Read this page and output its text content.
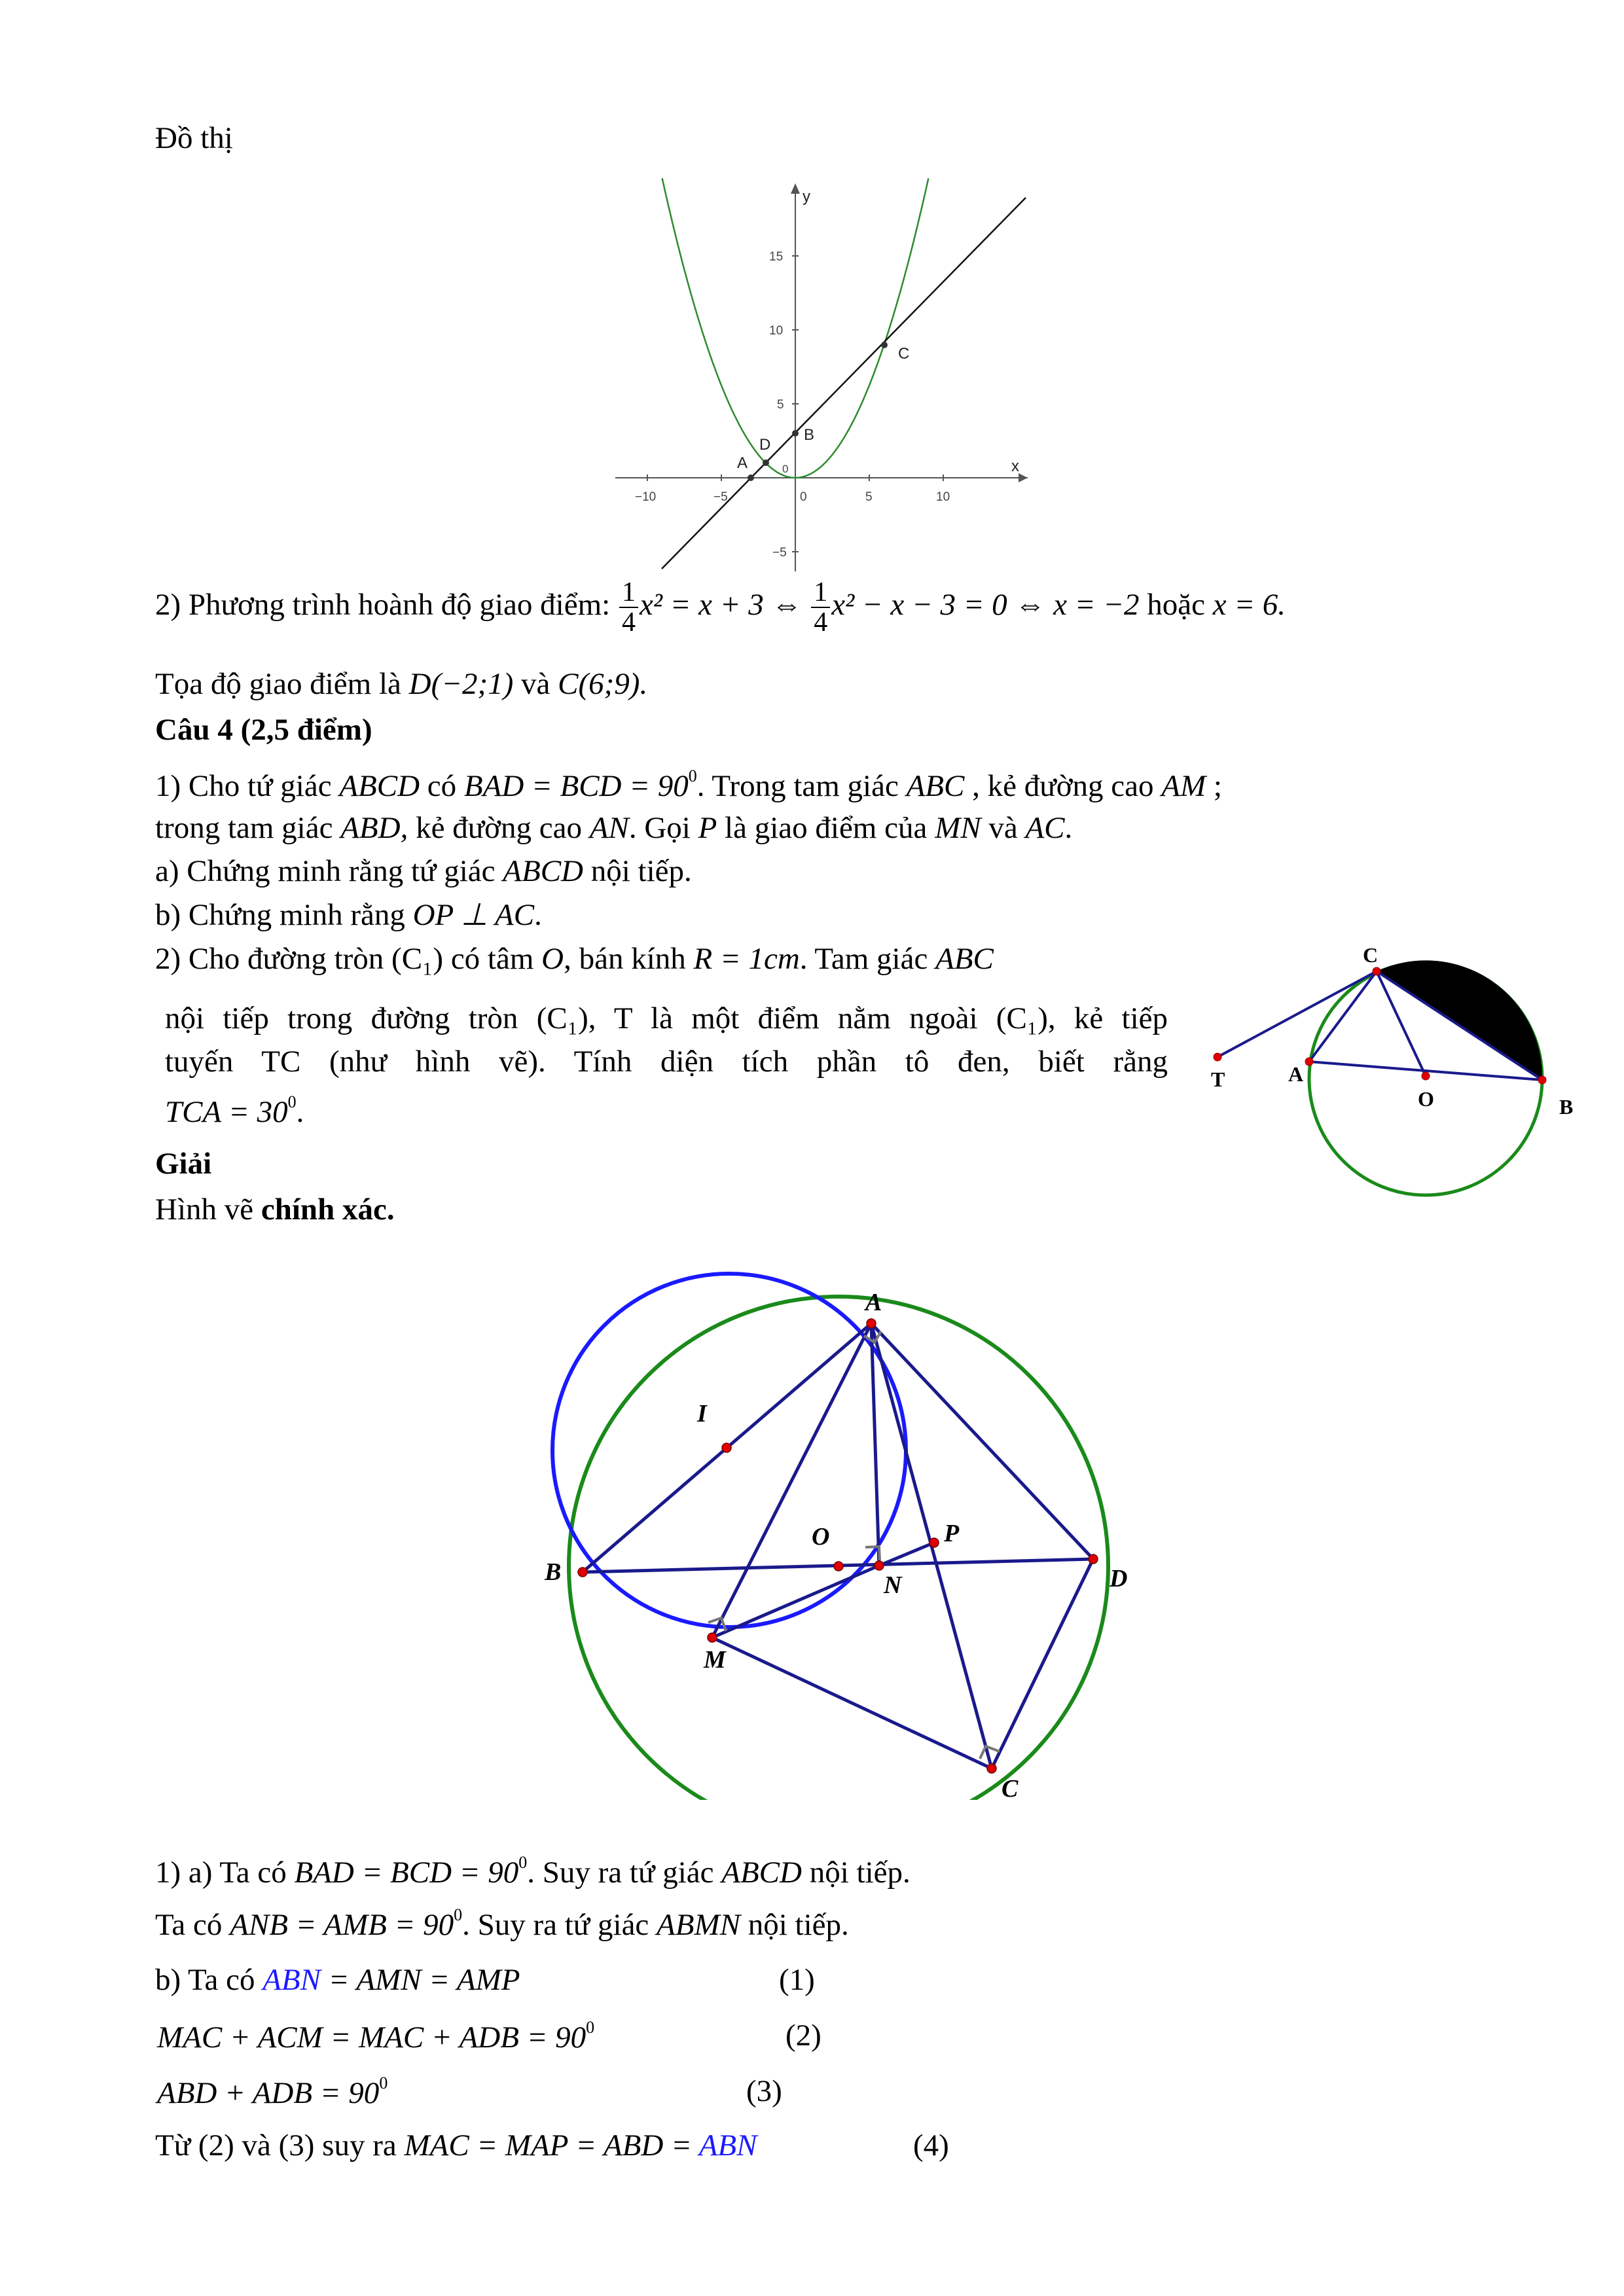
Đồ thị
x
y
−10	−5	0	5	10
15
10
5
0
−5
A
D
B
C
2) Phương trình hoành độ giao điểm: $\frac{1}{4} x^2 = x + 3$ ⇔ $\frac{1}{4} x^2 - x - 3 = 0$ ⇔ x = −2 hoặc x = 6.
Tọa độ giao điểm là D(−2;1) và C(6;9).
Câu 4 (2,5 điểm)
1) Cho tứ giác ABCD có BAD = BCD = $90^0$. Trong tam giác ABC , kẻ đường cao AM ;
trong tam giác ABD, kẻ đường cao AN. Gọi P là giao điểm của MN và AC.
a) Chứng minh rằng tứ giác ABCD nội tiếp.
b) Chứng minh rằng OP ⊥ AC.
2) Cho đường tròn (C₁) có tâm O, bán kính R = 1cm. Tam giác ABC
nội tiếp trong đường tròn (C₁), T là một điểm nằm ngoài (C₁), kẻ tiếp
tuyến TC (như hình vẽ). Tính diện tích phần tô đen, biết rằng
TCA = $30^0$.
C
T	A
O	B
Giải
Hình vẽ chính xác.
A
I
O	P
B	N	D
M
C
1) a) Ta có BAD = BCD = $90^0$. Suy ra tứ giác ABCD nội tiếp.
Ta có ANB = AMB = $90^0$. Suy ra tứ giác ABMN nội tiếp.
b) Ta có ABN = AMN = AMP	(1)
MAC + ACM = MAC + ADB = $90^0$	(2)
ABD + ADB = $90^0$	(3)
Từ (2) và (3) suy ra MAC = MAP = ABD = ABN	(4)
